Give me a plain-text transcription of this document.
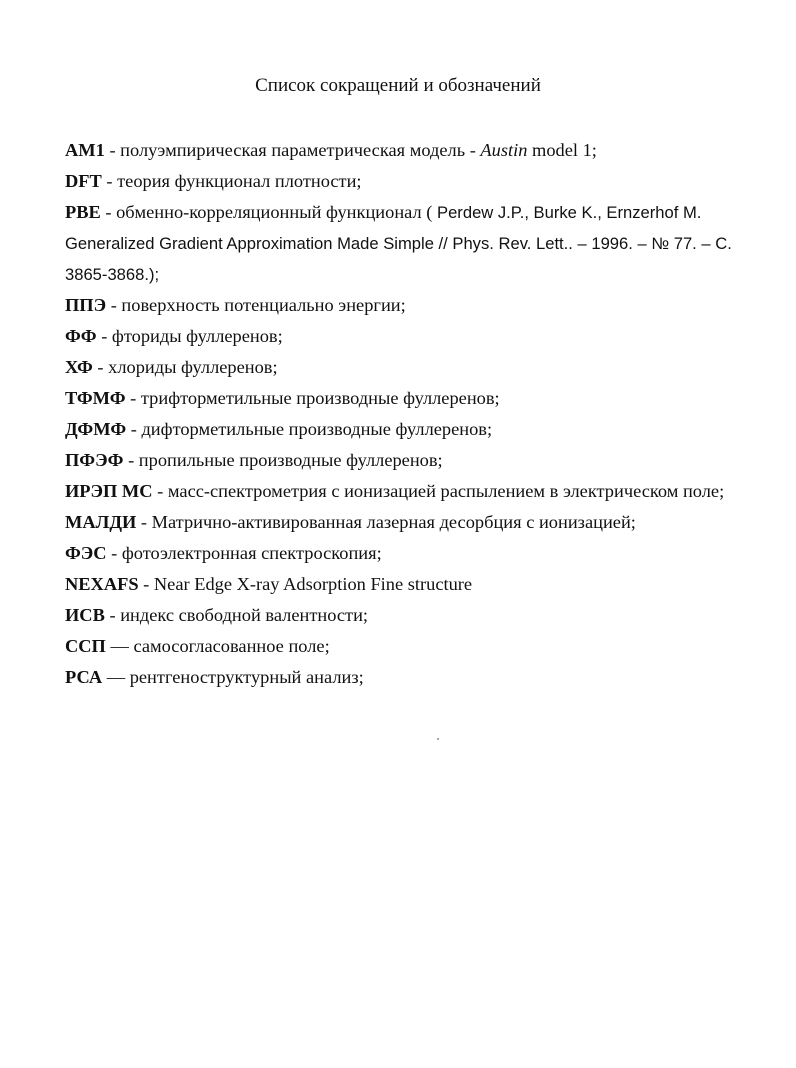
Список сокращений и обозначений

AM1 - полуэмпирическая параметрическая модель - Austin model 1;

DFT - теория функционал плотности;

PBE - обменно-корреляционный функционал ( Perdew J.P., Burke K., Ernzerhof M. Generalized Gradient Approximation Made Simple // Phys. Rev. Lett.. – 1996. – № 77. – С. 3865-3868.);

ППЭ - поверхность потенциально энергии;

ФФ - фториды фуллеренов;

ХФ - хлориды фуллеренов;

ТФМФ - трифторметильные производные фуллеренов;

ДФМФ - дифторметильные производные фуллеренов;

ПФЭФ - пропильные производные фуллеренов;

ИРЭП МС - масс-спектрометрия с ионизацией распылением в электрическом поле;

МАЛДИ - Матрично-активированная лазерная десорбция с ионизацией;

ФЭС - фотоэлектронная спектроскопия;

NEXAFS - Near Edge X-ray Adsorption Fine structure

ИСВ - индекс свободной валентности;

ССП — самосогласованное поле;

РСА — рентгеноструктурный анализ;
